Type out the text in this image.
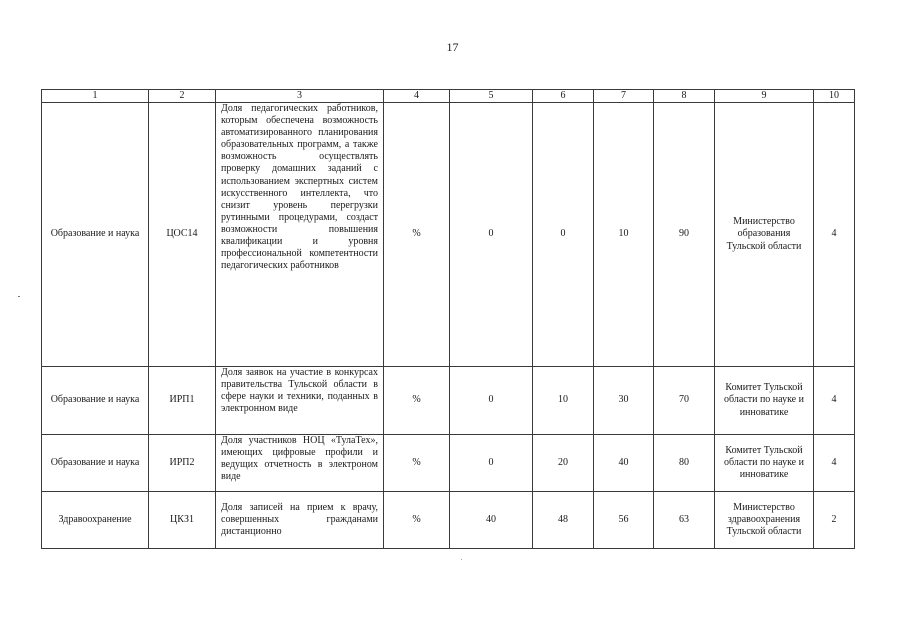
17
1	2	3	4	5	6	7	8	9	10
Образование и наука	ЦОС14	Доля педагогических работников, которым обеспечена возможность автоматизированного планирования образовательных программ, а также возможность осуществлять проверку домашних заданий с использованием экспертных систем искусственного интеллекта, что снизит уровень перегрузки рутинными процедурами, создаст возможности повышения квалификации и уровня профессиональной компетентности педагогических работников	%	0	0	10	90	Министерство образования Тульской области	4
Образование и наука	ИРП1	Доля заявок на участие в конкурсах правительства Тульской области в сфере науки и техники, поданных в электронном виде	%	0	10	30	70	Комитет Тульской области по науке и инноватике	4
Образование и наука	ИРП2	Доля участников НОЦ «ТулаТех», имеющих цифровые профили и ведущих отчетность в электроном виде	%	0	20	40	80	Комитет Тульской области по науке и инноватике	4
Здравоохранение	ЦКЗ1	Доля записей на прием к врачу, совершенных гражданами дистанционно	%	40	48	56	63	Министерство здравоохранения Тульской области	2
